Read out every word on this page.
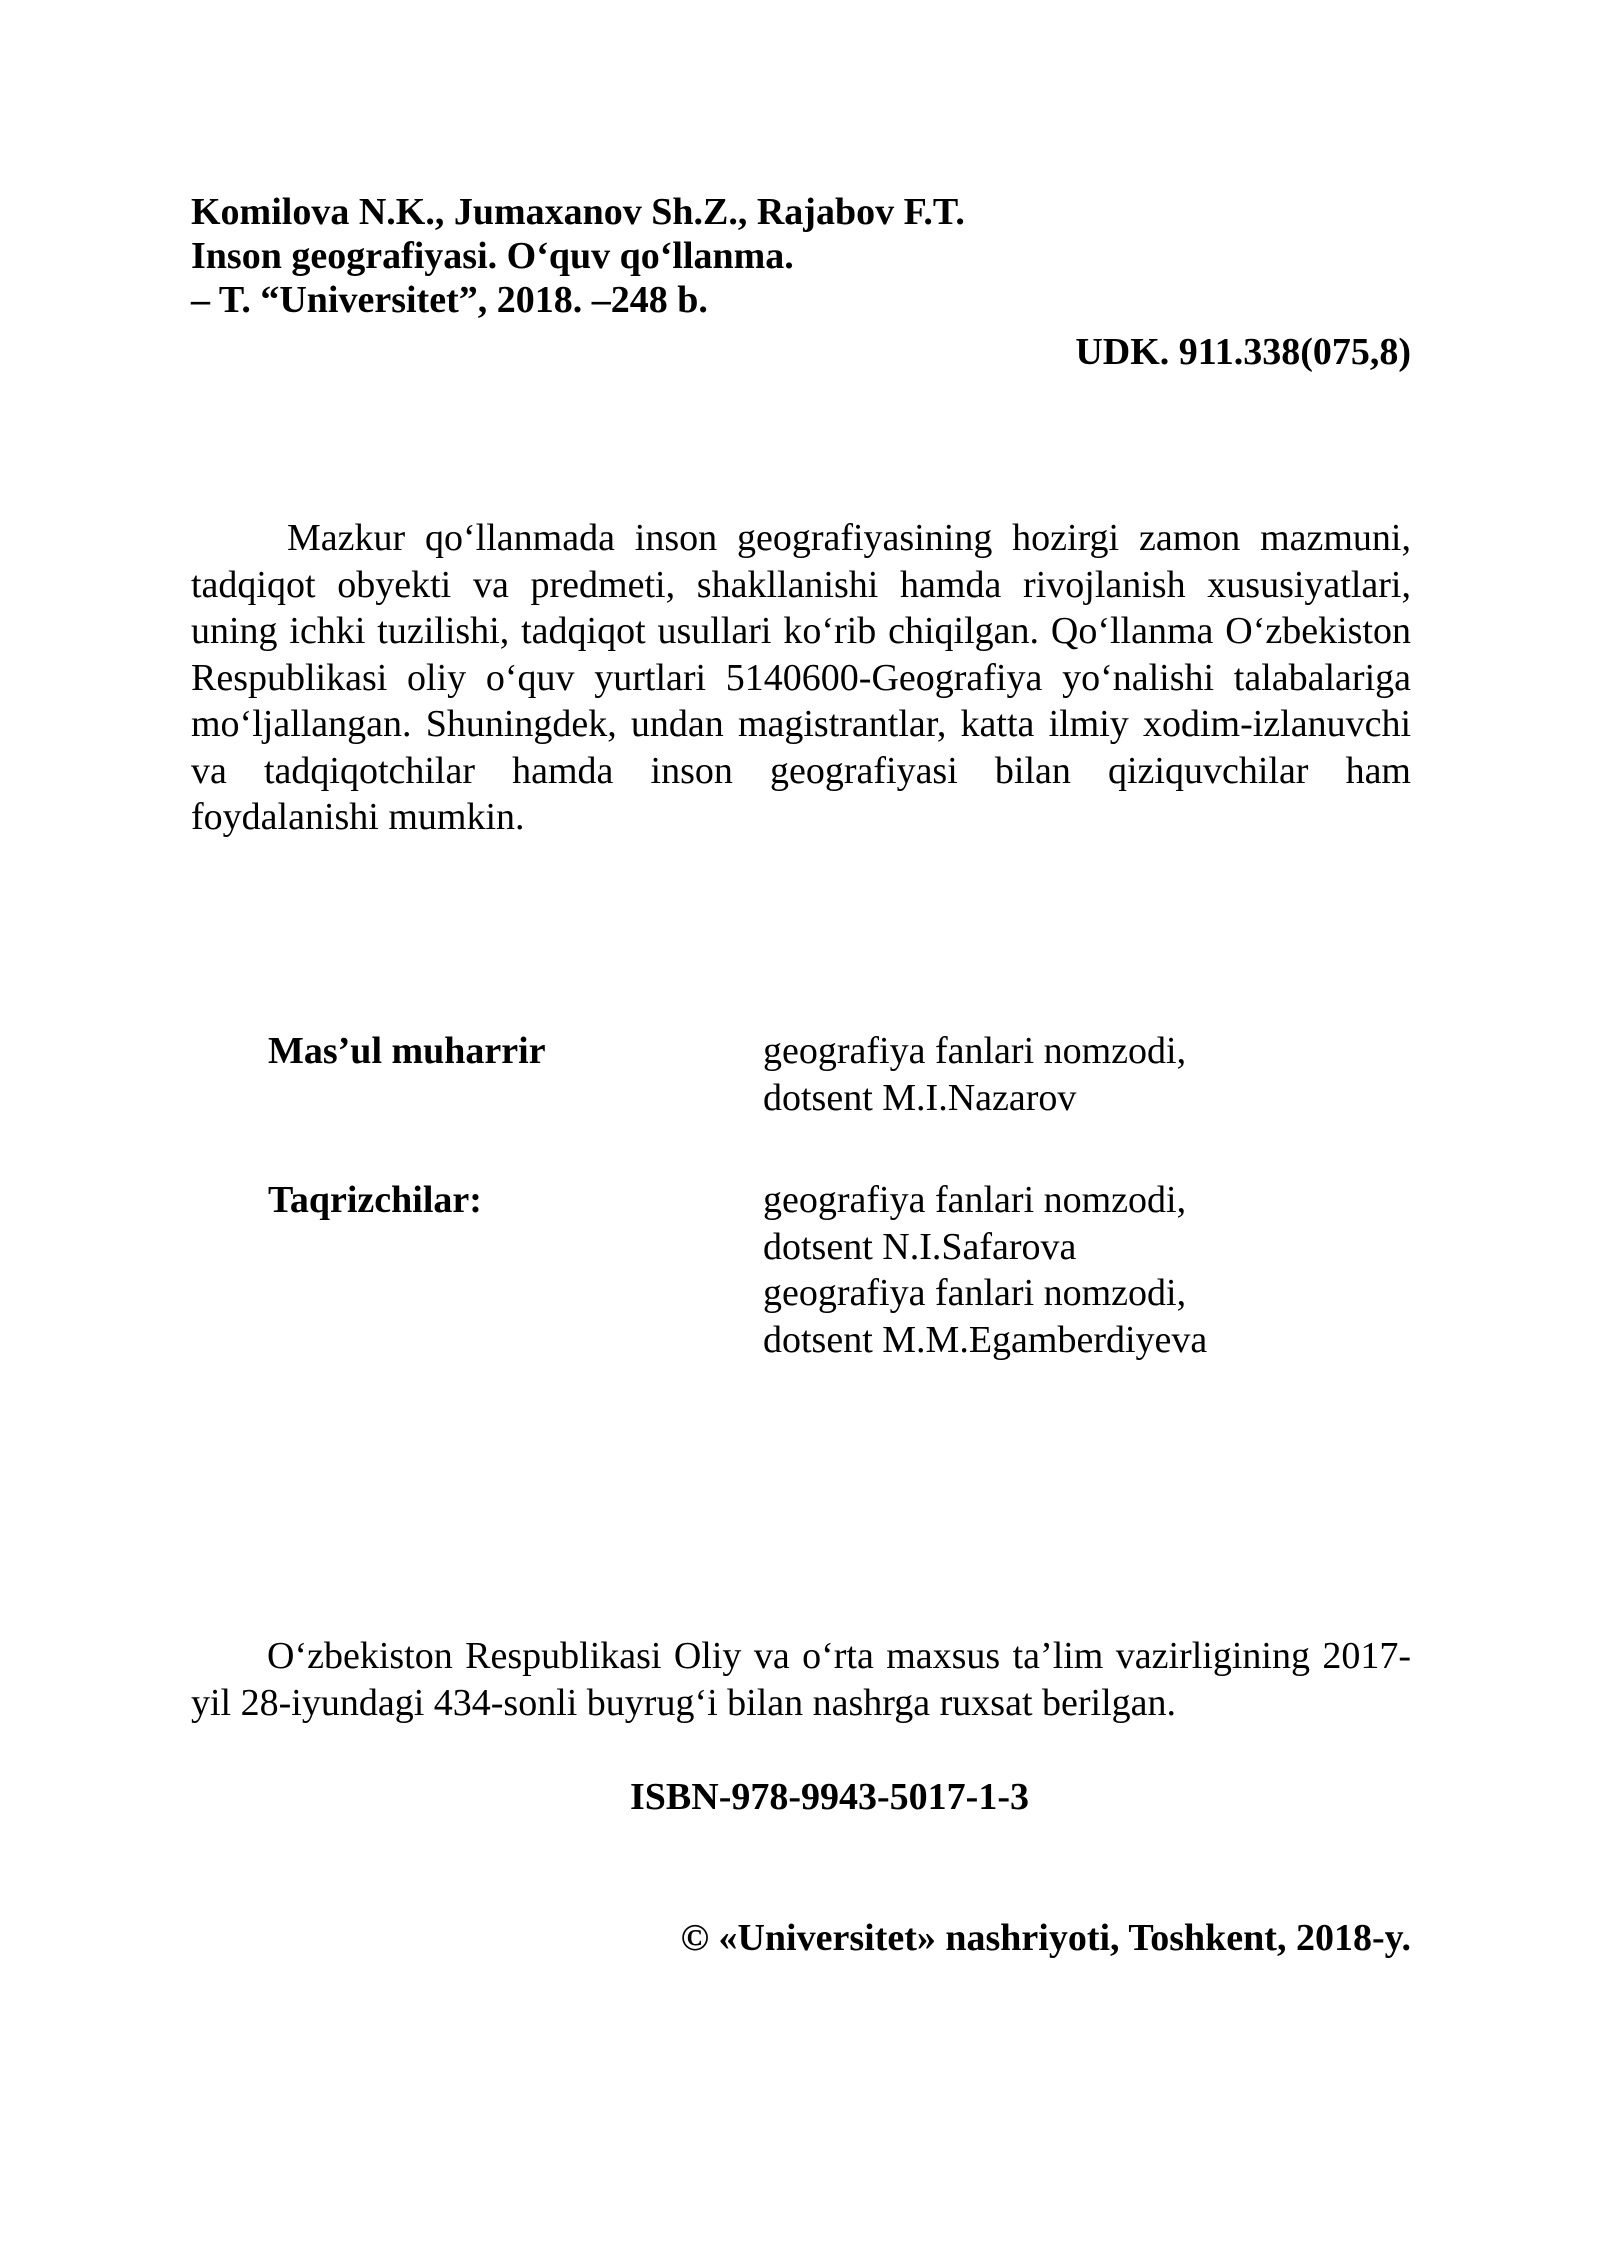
Komilova N.K., Jumaxanov Sh.Z., Rajabov F.T.
Inson geografiyasi. O‘quv qo‘llanma.
– T. “Universitet”, 2018. –248 b.
UDK. 911.338(075,8)
Mazkur qo‘llanmada inson geografiyasining hozirgi zamon mazmuni, tadqiqot obyekti va predmeti, shakllanishi hamda rivojlanish xususiyatlari, uning ichki tuzilishi, tadqiqot usullari ko‘rib chiqilgan. Qo‘llanma O‘zbekiston Respublikasi oliy o‘quv yurtlari 5140600-Geografiya yo‘nalishi talabalariga mo‘ljallangan. Shuningdek, undan magistrantlar, katta ilmiy xodim-izlanuvchi va tadqiqotchilar hamda inson geografiyasi bilan qiziquvchilar ham foydalanishi mumkin.
Mas’ul muharrir	geografiya fanlari nomzodi,
dotsent M.I.Nazarov
Taqrizchilar:	geografiya fanlari nomzodi,
dotsent N.I.Safarova
geografiya fanlari nomzodi,
dotsent M.M.Egamberdiyeva
O‘zbekiston Respublikasi Oliy va o‘rta maxsus ta’lim vazirligining 2017-yil 28-iyundagi 434-sonli buyrug‘i bilan nashrga ruxsat berilgan.
ISBN-978-9943-5017-1-3
© «Universitet» nashriyoti, Toshkent, 2018-y.
